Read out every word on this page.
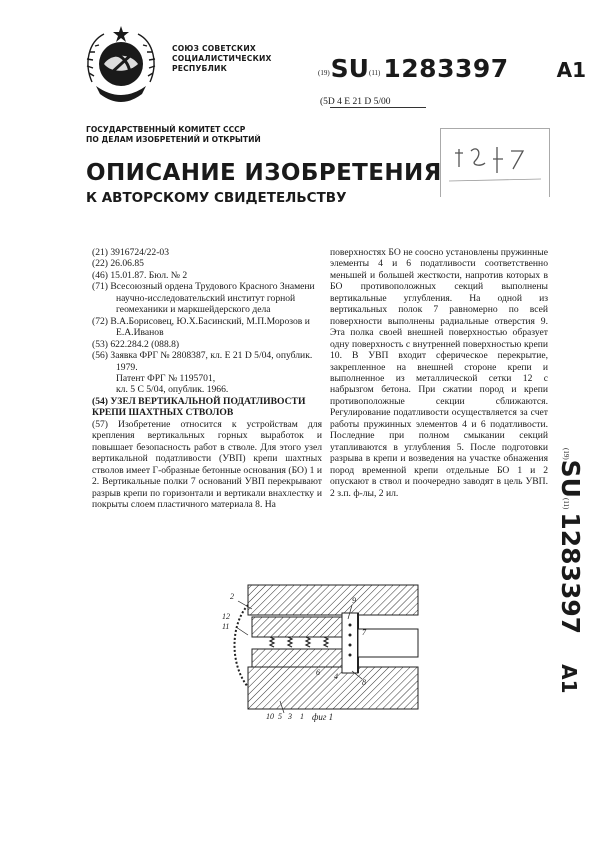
СОЮЗ СОВЕТСКИХ
СОЦИАЛИСТИЧЕСКИХ
РЕСПУБЛИК	(19)SU(11) 1283397 A1
(5D 4 E 21 D 5/00
ГОСУДАРСТВЕННЫЙ КОМИТЕТ СССР
ПО ДЕЛАМ ИЗОБРЕТЕНИЙ И ОТКРЫТИЙ
ОПИСАНИЕ ИЗОБРЕТЕНИЯ
К АВТОРСКОМУ СВИДЕТЕЛЬСТВУ

(21) 3916724/22-03

(22) 26.06.85

(46) 15.01.87. Бюл. № 2

(71) Всесоюзный ордена Трудового Красного Знамени научно-исследовательский институт горной геомеханики и маркшейдерского дела

(72) В.А.Борисовец, Ю.Х.Басинский, М.П.Морозов и Е.А.Иванов

(53) 622.284.2 (088.8)

(56) Заявка ФРГ № 2808387, кл. E 21 D 5/04, опублик. 1979.

Патент ФРГ № 1195701,

кл. 5 С 5/04, опублик. 1966.

(54) УЗЕЛ ВЕРТИКАЛЬНОЙ ПОДАТЛИВОСТИ КРЕПИ ШАХТНЫХ СТВОЛОВ

(57) Изобретение относится к устройствам для крепления вертикальных горных выработок и повышает безопасность работ в стволе. Для этого узел вертикальной податливости (УВП) крепи шахтных стволов имеет Г-образные бетонные основания (БО) 1 и 2. Вертикальные полки 7 оснований УВП перекрывают разрыв крепи по горизонтали и вертикали внахлестку и покрыты слоем пластичного материала 8. На

поверхностях БО не соосно установлены пружинные элементы 4 и 6 податливости соответственно меньшей и большей жесткости, напротив которых в БО противоположных секций выполнены вертикальные углубления. На одной из вертикальных полок 7 равномерно по всей поверхности выполнены радиальные отверстия 9. Эта полка своей внешней поверхностью образует одну поверхность с внутренней поверхностью крепи 10. В УВП входит сферическое перекрытие, закрепленное на внешней стороне крепи и выполненное из металлической сетки 12 с набрызгом бетона. При сжатии пород и крепи противоположные секции сближаются. Регулирование податливости осуществляется за счет работы пружинных элементов 4 и 6 податливости. Последние при полном смыкании секций утапливаются в углубления 5. После подготовки разрыва в крепи и возведения на участке обнажения пород временной крепи отдельные БО 1 и 2 опускают в ствол и поочередно заводят в цель УВП. 2 з.п. ф-лы, 2 ил.

(19)SU(11)1283397A1
2
12
11
9
7
8
6 4
10 5 3 1 фиг 1
